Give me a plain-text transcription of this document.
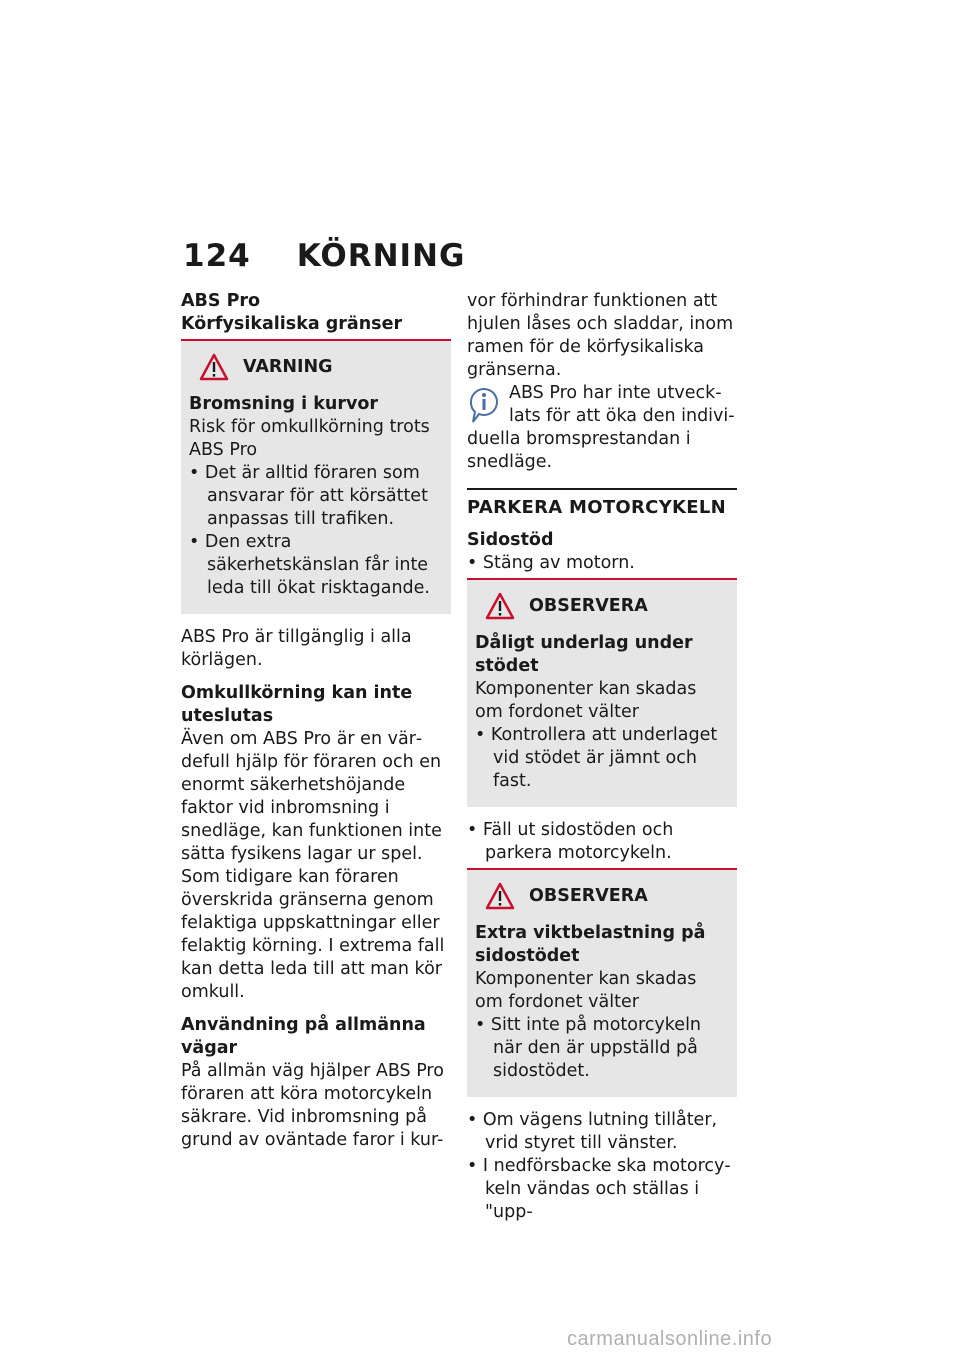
124 KÖRNING

ABS Pro

Körfysikaliska gränser

VARNING

Bromsning i kurvor

Risk för omkullkörning trots ABS Pro

• Det är alltid föraren som ansvarar för att körsättet anpassas till trafiken.

• Den extra säkerhetskänslan får inte leda till ökat risktagande.

ABS Pro är tillgänglig i alla körlägen.

Omkullkörning kan inte uteslutas

Även om ABS Pro är en värdefull hjälp för föraren och en enormt säkerhetshöjande faktor vid inbromsning i snedläge, kan funktionen inte sätta fysikens lagar ur spel. Som tidigare kan föraren överskrida gränserna genom felaktiga uppskattningar eller felaktig körning. I extrema fall kan detta leda till att man kör omkull.

Användning på allmänna vägar

På allmän väg hjälper ABS Pro föraren att köra motorcykeln säkrare. Vid inbromsning på grund av oväntade faror i kur-

vor förhindrar funktionen att hjulen låses och sladdar, inom ramen för de körfysikaliska gränserna.

ABS Pro har inte utvecklats för att öka den individuella bromsprestandan i snedläge.

PARKERA MOTORCYKELN

Sidostöd

• Stäng av motorn.

OBSERVERA

Dåligt underlag under stödet

Komponenter kan skadas om fordonet välter

• Kontrollera att underlaget vid stödet är jämnt och fast.

• Fäll ut sidostöden och parkera motorcykeln.

OBSERVERA

Extra viktbelastning på sidostödet

Komponenter kan skadas om fordonet välter

• Sitt inte på motorcykeln när den är uppställd på sidostödet.

• Om vägens lutning tillåter, vrid styret till vänster.

• I nedförsbacke ska motorcykeln vändas och ställas i "upp-

carmanualsonline.info
